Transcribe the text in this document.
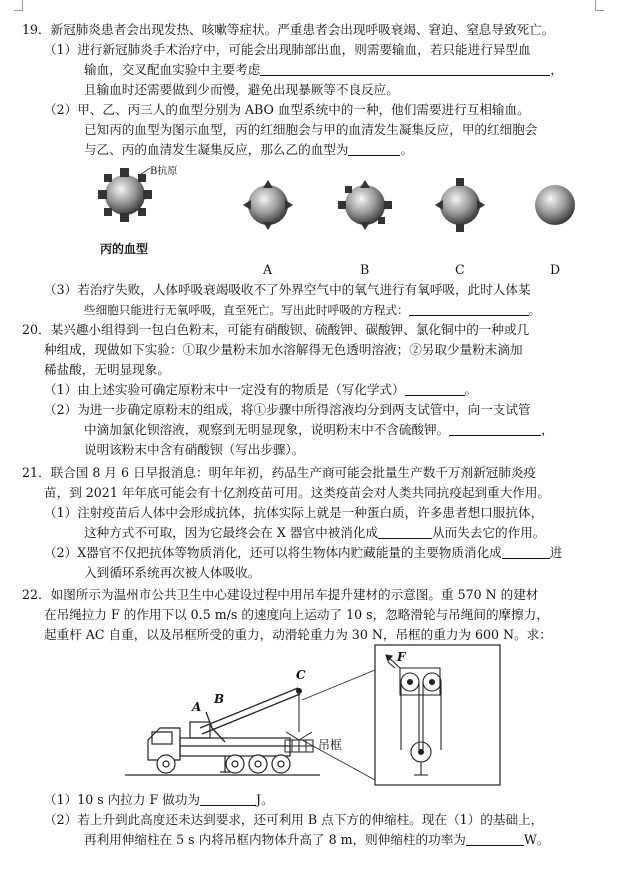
19．新冠肺炎患者会出现发热、咳嗽等症状。严重患者会出现呼吸衰竭、窘迫、窒息导致死亡。
（1）进行新冠肺炎手术治疗中，可能会出现肺部出血，则需要输血，若只能进行异型血
输血，交叉配血实验中主要考虑	，
且输血时还需要做到少而慢，避免出现暴厥等不良反应。
（2）甲、乙、丙三人的血型分别为 ABO 血型系统中的一种，他们需要进行互相输血。
已知丙的血型为图示血型，丙的红细胞会与甲的血清发生凝集反应，甲的红细胞会
与乙、丙的血清发生凝集反应，那么乙的血型为	。
B抗原
丙的血型
A	B	C	D
（3）若治疗失败，人体呼吸衰竭吸收不了外界空气中的氧气进行有氧呼吸，此时人体某
些细胞只能进行无氧呼吸，直至死亡。写出此时呼吸的方程式：	。
20．某兴趣小组得到一包白色粉末，可能有硝酸钡、硫酸钾、碳酸钾、氯化铜中的一种或几
种组成，现做如下实验：①取少量粉末加水溶解得无色透明溶液；②另取少量粉末滴加
稀盐酸，无明显现象。
（1）由上述实验可确定原粉末中一定没有的物质是（写化学式）	。
（2）为进一步确定原粉末的组成，将①步骤中所得溶液均分到两支试管中，向一支试管
中滴加氯化钡溶液，观察到无明显现象，说明粉末中不含硫酸钾。	，
说明该粉末中含有硝酸钡（写出步骤）。
21．联合国 8 月 6 日早报消息：明年年初，药品生产商可能会批量生产数千万剂新冠肺炎疫
苗，到 2021 年年底可能会有十亿剂疫苗可用。这类疫苗会对人类共同抗疫起到重大作用。
（1）注射疫苗后人体中会形成抗体，抗体实际上就是一种蛋白质，许多患者想口服抗体，
这种方式不可取，因为它最终会在 X 器官中被消化成	从而失去它的作用。
（2）X器官不仅把抗体等物质消化，还可以将生物体内贮藏能量的主要物质消化成	进
入到循环系统再次被人体吸收。
22．如图所示为温州市公共卫生中心建设过程中用吊车提升建材的示意图。重 570 N 的建材
在吊绳拉力 F 的作用下以 0.5 m/s 的速度向上运动了 10 s，忽略滑轮与吊绳间的摩擦力，
起重杆 AC 自重，以及吊框所受的重力，动滑轮重力为 30 N，吊框的重力为 600 N。求：
A
B
C
F
吊框
（1）10 s 内拉力 F 做功为	J。
（2）若上升到此高度还未达到要求，还可利用 B 点下方的伸缩柱。现在（1）的基础上，
再利用伸缩柱在 5 s 内将吊框内物体升高了 8 m，则伸缩柱的功率为	W。
